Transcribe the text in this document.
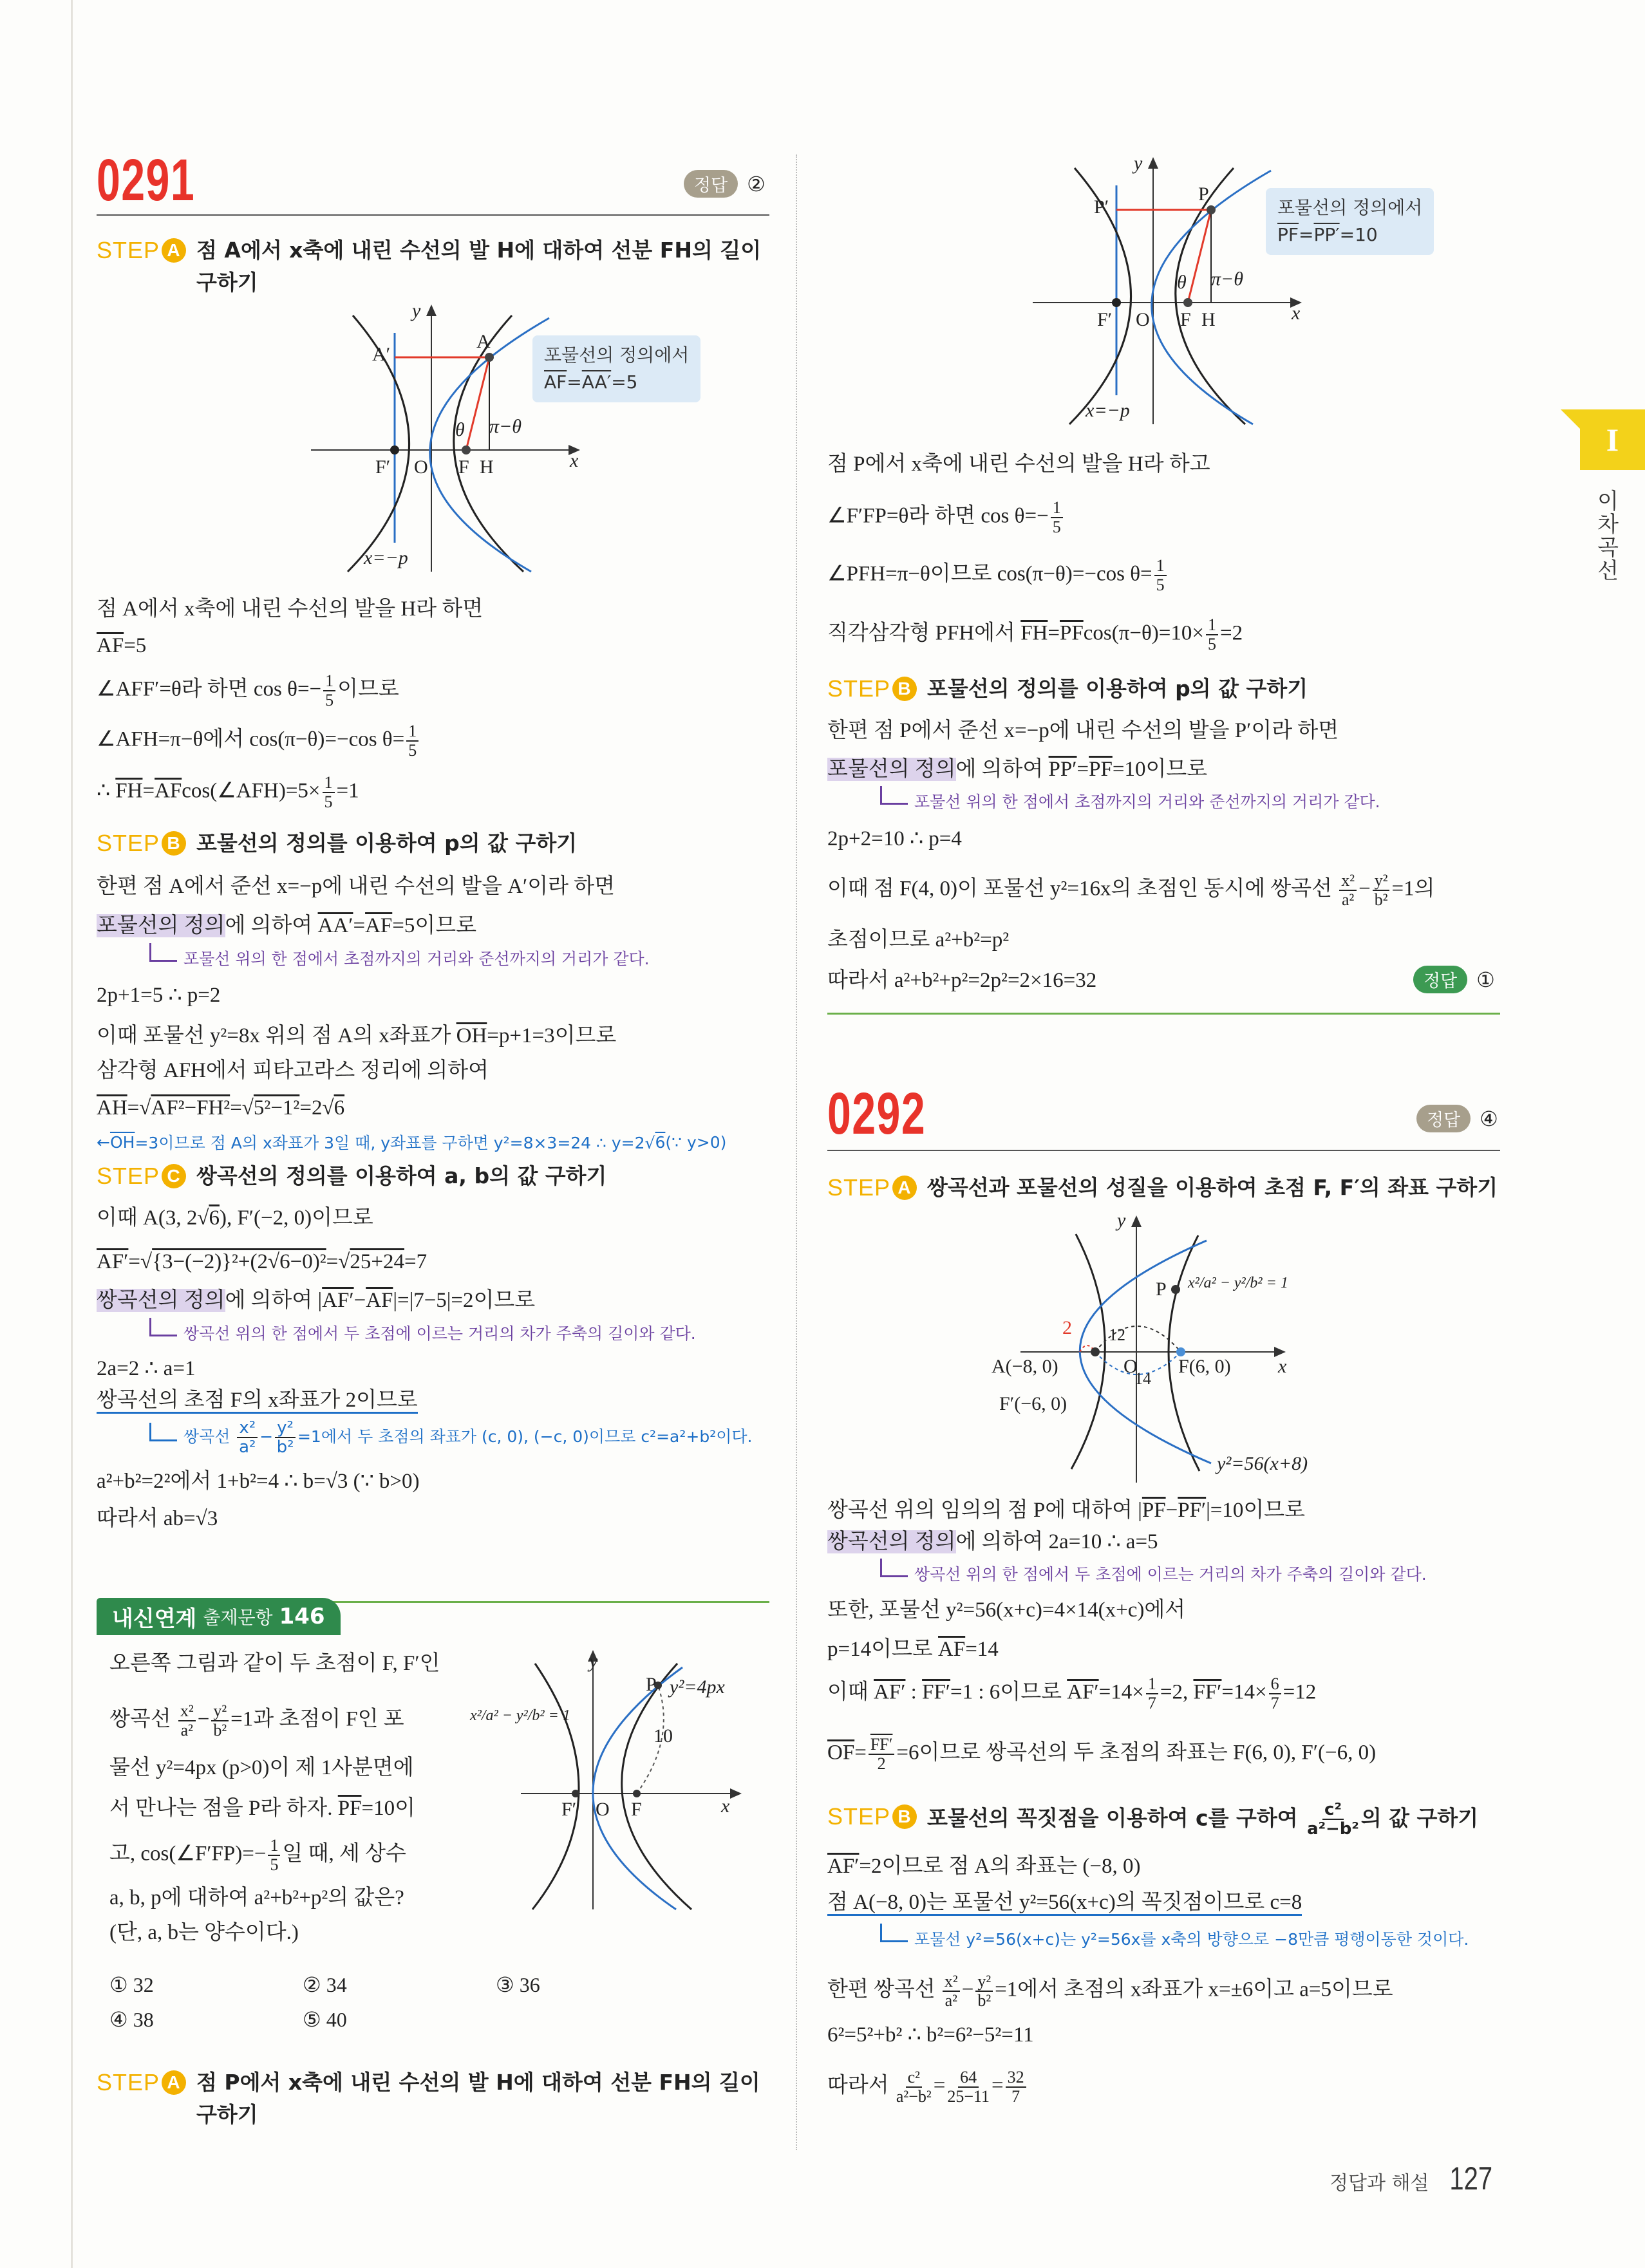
0291	정답 ②
STEP A 점 A에서 x축에 내린 수선의 발 H에 대하여 선분 FH의 길이
구하기
포물선의 정의에서
$\overline{AF}=AA'=5$
점 A에서 x축에 내린 수선의 발을 H라 하면
$\overline{AF}=5$
∠AFF′=θ라 하면 $\cos \theta=- \frac{1}{5}$ 이므로
∠AFH=π−θ에서 cos(π−θ)=−cos $\theta= \frac{1}{5}$
∴ $\overline{FH}=\overline{AF}\cos(\angle AFH)=5\times \frac{1}{5} =1$
STEP B 포물선의 정의를 이용하여 p의 값 구하기
한편 점 A에서 준선 x=−p에 내린 수선의 발을 A′이라 하면
포물선의 정의에 의하여 $AA'=\overline{AF}=5$이므로
포물선 위의 한 점에서 초점까지의 거리와 준선까지의 거리가 같다.
2p+1=5 ∴ p=2
이때 포물선 y²=8x 위의 점 A의 x좌표가 $\overline{OH}=p+1=3$이므로
삼각형 AFH에서 피타고라스 정리에 의하여
$\overline{AH}=√AF^2-FH^2=√5^2-1^2=2√6$
← $\overline{OH} =3$이므로 점 A의 x좌표가 3일 때, y좌표를 구하면 y²=8×3=24 ∴ y=2√ 6 (∵ y>0)
STEP C 쌍곡선의 정의를 이용하여 a, b의 값 구하기
이때 A(3, 2√6), F′(−2, 0)이므로
AF′=√{3−(−2)}²+(2√6−0)²=√25+24=7
쌍곡선의 정의에 의하여 $|AF'-\overline{AF}|=|7-5|=2$이므로
쌍곡선 위의 한 점에서 두 초점에 이르는 거리의 차가 주축의 길이와 같다.
2a=2 ∴ a=1
쌍곡선의 초점 F의 x좌표가 2이므로
쌍곡선 $\frac{\text{x²}}{\text{a²}} - \frac{\text{y²}}{\text{b²}} =1$에서 두 초점의 좌표가 (c, 0), (−c, 0)이므로 c²=a²+b²이다.
a²+b²=2²에서 1+b²=4 ∴ b=√3 (∵ b>0)
따라서 ab=√3
내신연계 출제문항 146
오른쪽 그림과 같이 두 초점이 F, F′인
쌍곡선 $\frac{\text{x²}}{\text{a²}} - \frac{\text{y²}}{\text{b²}} =1$과 초점이 F인 포
물선 y²=4px (p>0)이 제 1사분면에
서 만나는 점을 P라 하자. $\overline{PF}=10$이
고, cos(∠F′FP)=− $\frac{1}{5}$ 일 때, 세 상수
a, b, p에 대하여 a²+b²+p²의 값은?
(단, a, b는 양수이다.)
① 32	② 34	③ 36
④ 38	⑤ 40
STEP A 점 P에서 x축에 내린 수선의 발 H에 대하여 선분 FH의 길이
구하기
포물선의 정의에서
$\overline{PF}=PP'=10$
점 P에서 x축에 내린 수선의 발을 H라 하고
∠F′FP=θ라 하면 $\cos \theta=- \frac{1}{5}$
∠PFH=π−θ이므로 cos(π−θ)=−cos $\theta= \frac{1}{5}$
직각삼각형 PFH에서 $\overline{FH}=\overline{PF}\cos(\pi-\theta)=10\times \frac{1}{5} =2$
STEP B 포물선의 정의를 이용하여 p의 값 구하기
한편 점 P에서 준선 x=−p에 내린 수선의 발을 P′이라 하면
포물선의 정의에 의하여 $PP'=\overline{PF}=10$이므로
포물선 위의 한 점에서 초점까지의 거리와 준선까지의 거리가 같다.
2p+2=10 ∴ p=4
이때 점 F(4, 0)이 포물선 y²=16x의 초점인 동시에 쌍곡선 $\frac{\text{x²}}{\text{a²}} - \frac{\text{y²}}{\text{b²}} =1$의
초점이므로 a²+b²=p²
따라서 a²+b²+p²=2p²=2×16=32	정답 ①
0292	정답 ④
STEP A 쌍곡선과 포물선의 성질을 이용하여 초점 F, F′의 좌표 구하기
쌍곡선 위의 임의의 점 P에 대하여 $|\overline{PF}-PF'|=10$이므로
쌍곡선의 정의에 의하여 2a=10 ∴ a=5
쌍곡선 위의 한 점에서 두 초점에 이르는 거리의 차가 주축의 길이와 같다.
또한, 포물선 y²=56(x+c)=4×14(x+c)에서
p=14이므로 $\overline{AF}=14$
이때 AF′ : FF′=1 : 6이므로 $AF'=14\times \frac{1}{7} =2$, $FF'=14\times \frac{6}{7} =12$
$\overline{OF}= \frac{FF'}{2} =6$이므로 쌍곡선의 두 초점의 좌표는 F(6, 0), F′(−6, 0)
STEP B 포물선의 꼭짓점을 이용하여 c를 구하여 $\frac{\text{c²}}{\text{a²−b²}}$ 의 값 구하기
AF′=2이므로 점 A의 좌표는 (−8, 0)
점 A(−8, 0)는 포물선 y²=56(x+c)의 꼭짓점이므로 c=8
포물선 y²=56(x+c)는 y²=56x를 x축의 방향으로 −8만큼 평행이동한 것이다.
한편 쌍곡선 $\frac{\text{x²}}{\text{a²}} - \frac{\text{y²}}{\text{b²}} =1$에서 초점의 x좌표가 x=±6이고 a=5이므로
6²=5²+b² ∴ b²=6²−5²=11
따라서 $\frac{\text{c²}}{\text{a²−b²}} = \frac{64}{25-11} = \frac{32}{7}$
I
이차곡선
정답과 해설 127
y
x
A
A′
F′ O F H
θ π−θ
x=−p
y
x
P
P′
F′ O F H
θ π−θ
x=−p
y
x
P y²=4px
10
x²/a² − y²/b² = 1
F′ O F
y
x
P x²/a² − y²/b² = 1
2 12
14
A(−8, 0)	O F(6, 0)
F′(−6, 0)
y²=56(x+8)
